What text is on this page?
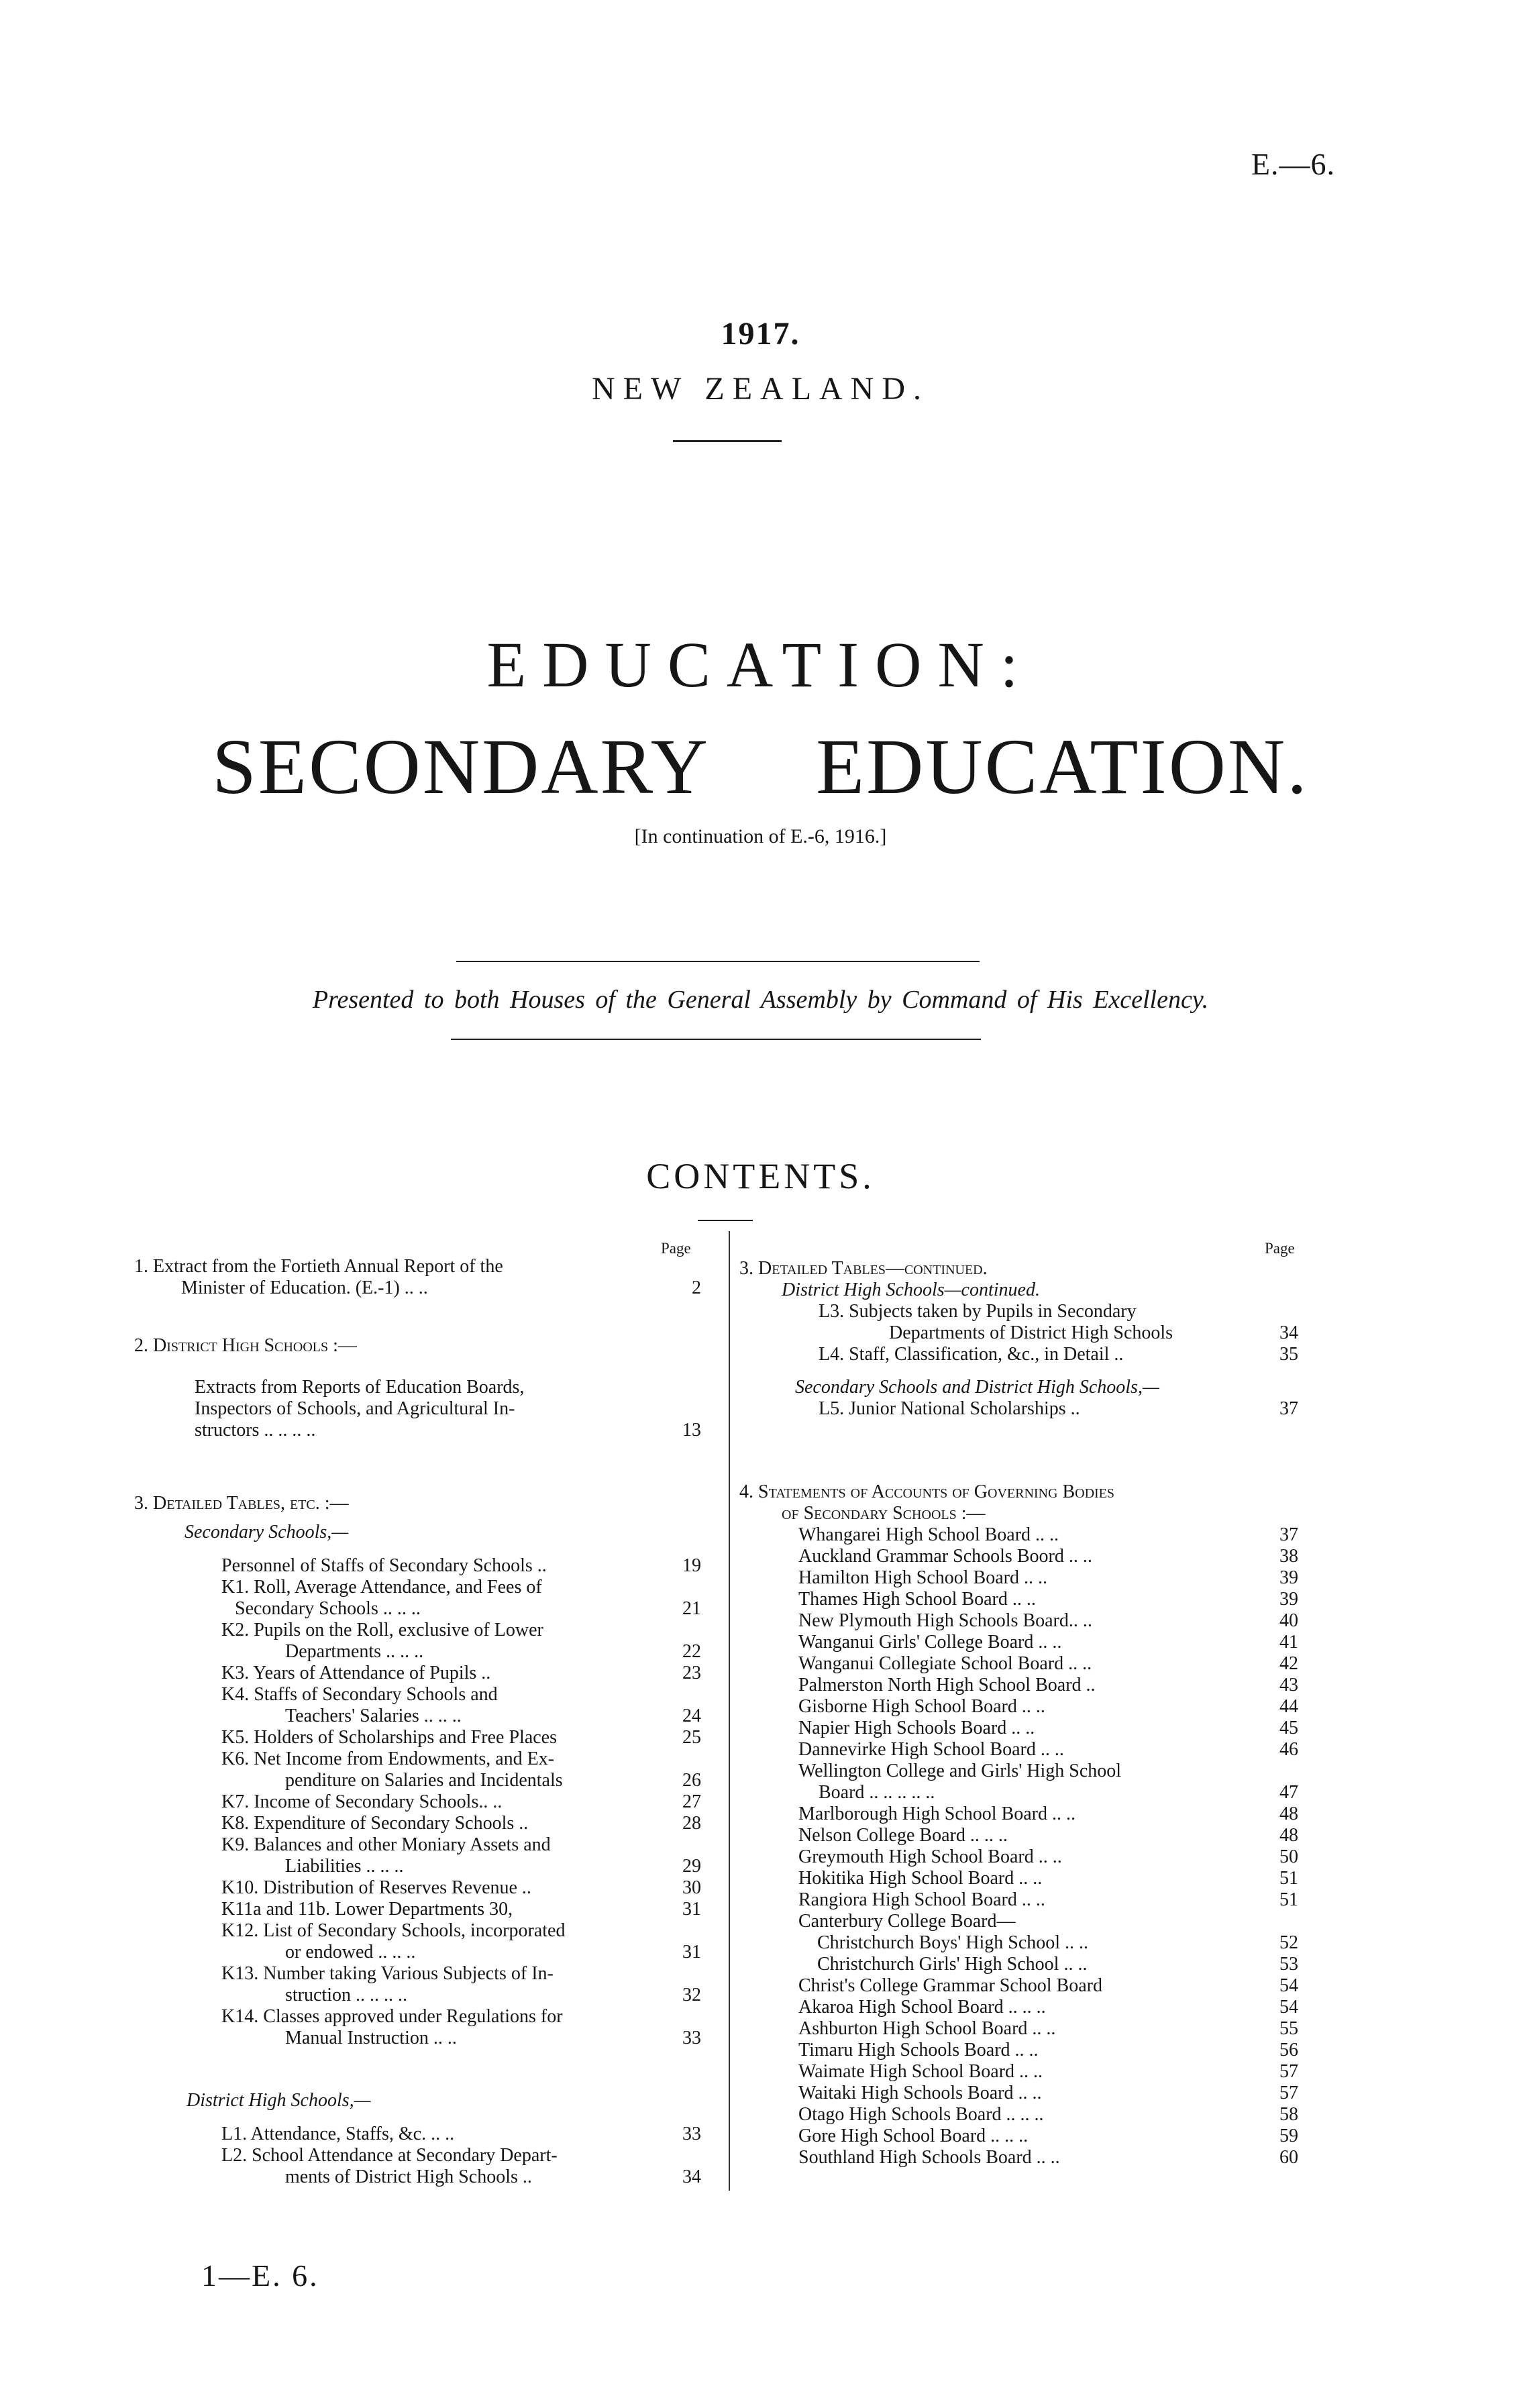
E.—6.
1917.
NEW ZEALAND.
EDUCATION:
SECONDARY     EDUCATION.
[In continuation of E.-6, 1916.]
Presented to both Houses of the General Assembly by Command of His Excellency.
CONTENTS.
Page	Page
1. Extract from the Fortieth Annual Report of the
Minister of Education. (E.-1) .. ..	2
2. District High Schools :—
Extracts from Reports of Education Boards,
Inspectors of Schools, and Agricultural In-
structors .. .. .. ..	13
3. Detailed Tables, etc. :—
Secondary Schools,—
Personnel of Staffs of Secondary Schools ..	19
K1. Roll, Average Attendance, and Fees of
Secondary Schools .. .. ..	21
K2. Pupils on the Roll, exclusive of Lower
Departments .. .. ..	22
K3. Years of Attendance of Pupils ..	23
K4. Staffs of Secondary Schools and
Teachers' Salaries .. .. ..	24
K5. Holders of Scholarships and Free Places	25
K6. Net Income from Endowments, and Ex-
penditure on Salaries and Incidentals	26
K7. Income of Secondary Schools.. ..	27
K8. Expenditure of Secondary Schools ..	28
K9. Balances and other Moniary Assets and
Liabilities .. .. ..	29
K10. Distribution of Reserves Revenue ..	30
K11a and 11b. Lower Departments 30,	31
K12. List of Secondary Schools, incorporated
or endowed .. .. ..	31
K13. Number taking Various Subjects of In-
struction .. .. .. ..	32
K14. Classes approved under Regulations for
Manual Instruction .. ..	33
District High Schools,—
L1. Attendance, Staffs, &c. .. ..	33
L2. School Attendance at Secondary Depart-
ments of District High Schools ..	34
3. Detailed Tables—continued.
District High Schools—continued.
L3. Subjects taken by Pupils in Secondary
Departments of District High Schools	34
L4. Staff, Classification, &c., in Detail ..	35
Secondary Schools and District High Schools,—
L5. Junior National Scholarships ..	37
4. Statements of Accounts of Governing Bodies
of Secondary Schools :—
Whangarei High School Board .. ..	37
Auckland Grammar Schools Boord .. ..	38
Hamilton High School Board .. ..	39
Thames High School Board .. ..	39
New Plymouth High Schools Board.. ..	40
Wanganui Girls' College Board .. ..	41
Wanganui Collegiate School Board .. ..	42
Palmerston North High School Board ..	43
Gisborne High School Board .. ..	44
Napier High Schools Board .. ..	45
Dannevirke High School Board .. ..	46
Wellington College and Girls' High School
Board .. .. .. .. ..	47
Marlborough High School Board .. ..	48
Nelson College Board .. .. ..	48
Greymouth High School Board .. ..	50
Hokitika High School Board .. ..	51
Rangiora High School Board .. ..	51
Canterbury College Board—
Christchurch Boys' High School .. ..	52
Christchurch Girls' High School .. ..	53
Christ's College Grammar School Board	54
Akaroa High School Board .. .. ..	54
Ashburton High School Board .. ..	55
Timaru High Schools Board .. ..	56
Waimate High School Board .. ..	57
Waitaki High Schools Board .. ..	57
Otago High Schools Board .. .. ..	58
Gore High School Board .. .. ..	59
Southland High Schools Board .. ..	60
1—E. 6.
